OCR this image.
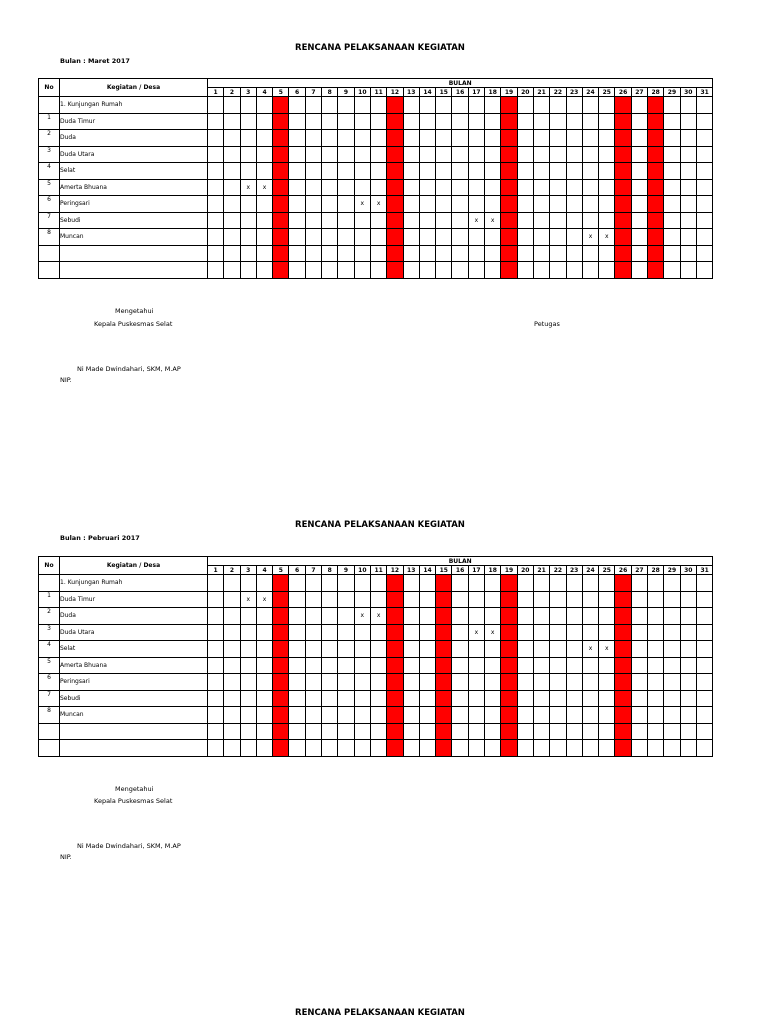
RENCANA PELAKSANAAN KEGIATAN
Bulan : Maret 2017
No	Kegiatan / Desa	BULAN																														
		1	2	3	4	5	6	7	8	9	10	11	12	13	14	15	16	17	18	19	20	21	22	23	24	25	26	27	28	29	30	31
	1. Kunjungan Rumah																															
1	Duda Timur																															
2	Duda																															
3	Duda Utara																															
4	Selat																															
5	Amerta Bhuana			x	x																											
6	Peringsari										x	x																				
7	Sebudi																	x	x													
8	Muncan																								x	x						

Mengetahui
Kepala Puskesmas Selat	Petugas
Ni Made Dwindahari, SKM, M.AP
NIP.
RENCANA PELAKSANAAN KEGIATAN
Bulan : Pebruari 2017
No	Kegiatan / Desa	BULAN																														
		1	2	3	4	5	6	7	8	9	10	11	12	13	14	15	16	17	18	19	20	21	22	23	24	25	26	27	28	29	30	31
	1. Kunjungan Rumah																															
1	Duda Timur			x	x																											
2	Duda										x	x																				
3	Duda Utara																	x	x													
4	Selat																								x	x						
5	Amerta Bhuana																															
6	Peringsari																															
7	Sebudi																															
8	Muncan																															

Mengetahui
Kepala Puskesmas Selat
Ni Made Dwindahari, SKM, M.AP
NIP.
RENCANA PELAKSANAAN KEGIATAN
